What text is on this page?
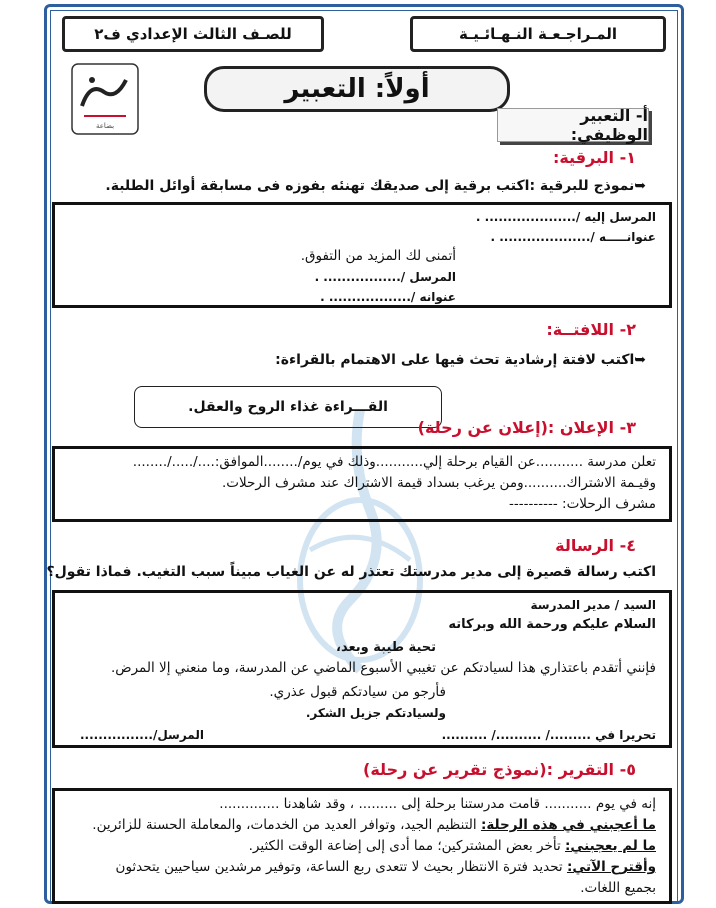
المـراجـعـة النـهـائـيـة
للصـف الثالث الإعدادي ف٢
بضاعة
أولاً: التعبير
أ- التعبير الوظيفي:
١- البرقية:
➥نموذج للبرقية :اكتب برقية إلى صديقك تهنئه بفوزه فى مسابقة أوائل الطلبة.
المرسل إليه /.................... .
عنوانـــــه /.................... .
أتمنى لك المزيد من التفوق.
المرسل /................. .
عنوانه /.................. .
٢- اللافتــة:
➥اكتب لافتة إرشادية تحث فيها على الاهتمام بالقراءة:
القـــراءة غذاء الروح والعقل.
٣- الإعلان :(إعلان عن رحلة)
تعلن مدرسة ...........عن القيام برحلة إلي...........وذلك في يوم/........الموافق:..../...../........
وقيـمة الاشتراك..........ومن يرغب بسداد قيمة الاشتراك عند مشرف الرحلات.
مشرف الرحلات: ----------
٤- الرسالة
اكتب رسالة قصيرة إلى مدير مدرستك تعتذر له عن الغياب مبيناً سبب التغيب. فماذا تقول؟
السيد / مدير المدرسة
السلام عليكم ورحمة الله وبركاته
تحية طيبة وبعد،
فإنني أتقدم باعتذاري هذا لسيادتكم عن تغيبي الأسبوع الماضي عن المدرسة، وما منعني إلا المرض.
فأرجو من سيادتكم قبول عذري.
ولسيادتكم جزيل الشكر.
تحريرا في ........./ ........../ ..........
المرسل/................
٥- التقرير :(نموذج تقرير عن رحلة)
إنه في يوم ........... قامت مدرستنا برحلة إلى ......... ، وقد شاهدنا ..............
ما أعجبني في هذه الرحلة: التنظيم الجيد، وتوافر العديد من الخدمات، والمعاملة الحسنة للزائرين.
ما لم يعجبني: تأخر بعض المشتركين؛ مما أدى إلى إضاعة الوقت الكثير.
وأقترح الآتي: تحديد فترة الانتظار بحيث لا تتعدى ربع الساعة، وتوفير مرشدين سياحيين يتحدثون
بجميع اللغات.
